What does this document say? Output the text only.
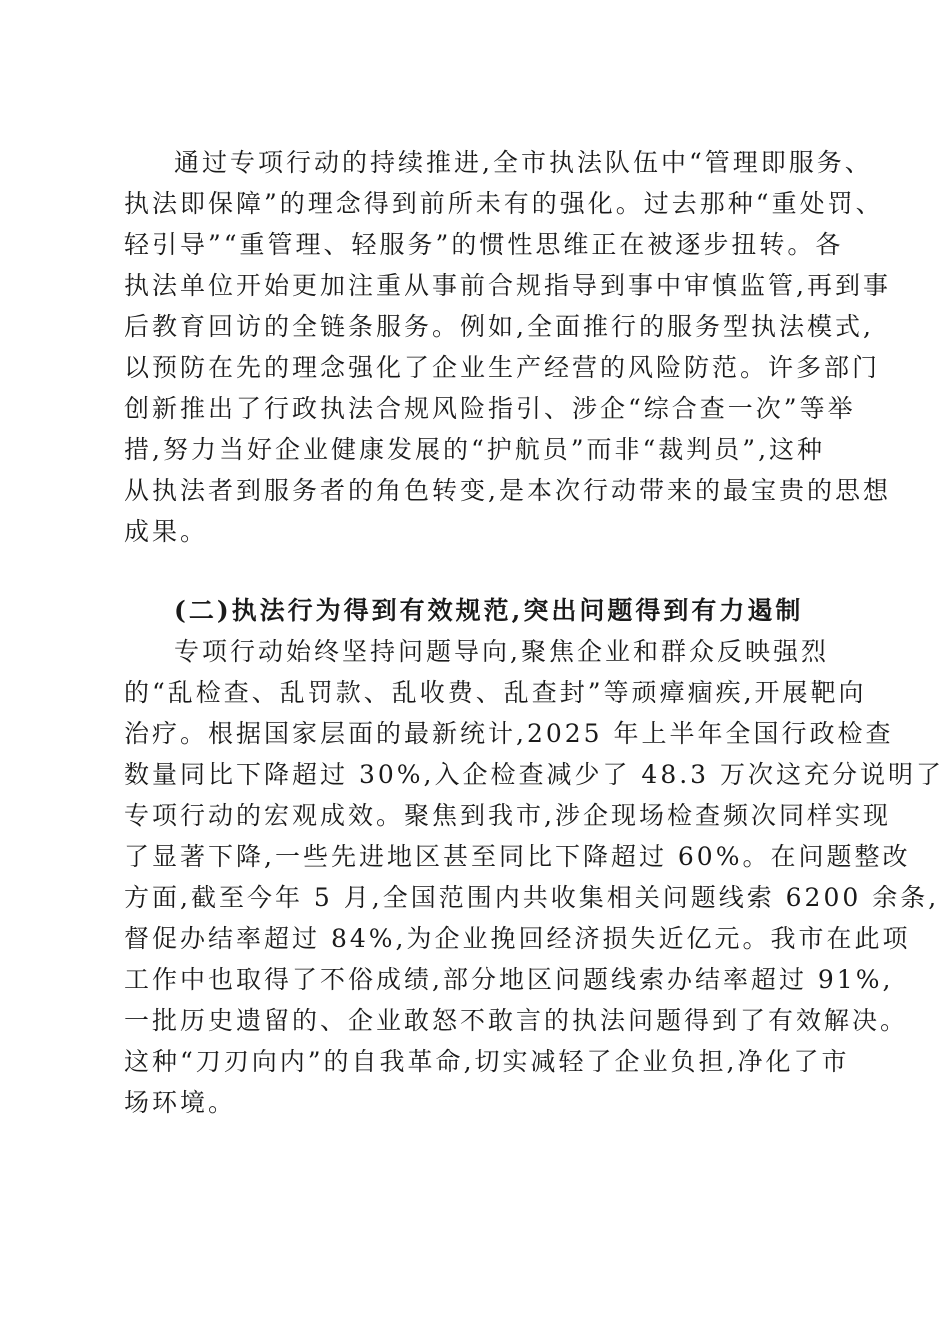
通过专项行动的持续推进,全市执法队伍中“管理即服务、
执法即保障”的理念得到前所未有的强化。过去那种“重处罚、
轻引导”“重管理、轻服务”的惯性思维正在被逐步扭转。各
执法单位开始更加注重从事前合规指导到事中审慎监管,再到事
后教育回访的全链条服务。例如,全面推行的服务型执法模式,
以预防在先的理念强化了企业生产经营的风险防范。许多部门
创新推出了行政执法合规风险指引、涉企“综合查一次”等举
措,努力当好企业健康发展的“护航员”而非“裁判员”,这种
从执法者到服务者的角色转变,是本次行动带来的最宝贵的思想
成果。
(二)执法行为得到有效规范,突出问题得到有力遏制
专项行动始终坚持问题导向,聚焦企业和群众反映强烈
的“乱检查、乱罚款、乱收费、乱查封”等顽瘴痼疾,开展靶向
治疗。根据国家层面的最新统计,2025 年上半年全国行政检查
数量同比下降超过 30%,入企检查减少了 48.3 万次这充分说明了
专项行动的宏观成效。聚焦到我市,涉企现场检查频次同样实现
了显著下降,一些先进地区甚至同比下降超过 60%。在问题整改
方面,截至今年 5 月,全国范围内共收集相关问题线索 6200 余条,
督促办结率超过 84%,为企业挽回经济损失近亿元。我市在此项
工作中也取得了不俗成绩,部分地区问题线索办结率超过 91%,
一批历史遗留的、企业敢怒不敢言的执法问题得到了有效解决。
这种“刀刃向内”的自我革命,切实减轻了企业负担,净化了市
场环境。
